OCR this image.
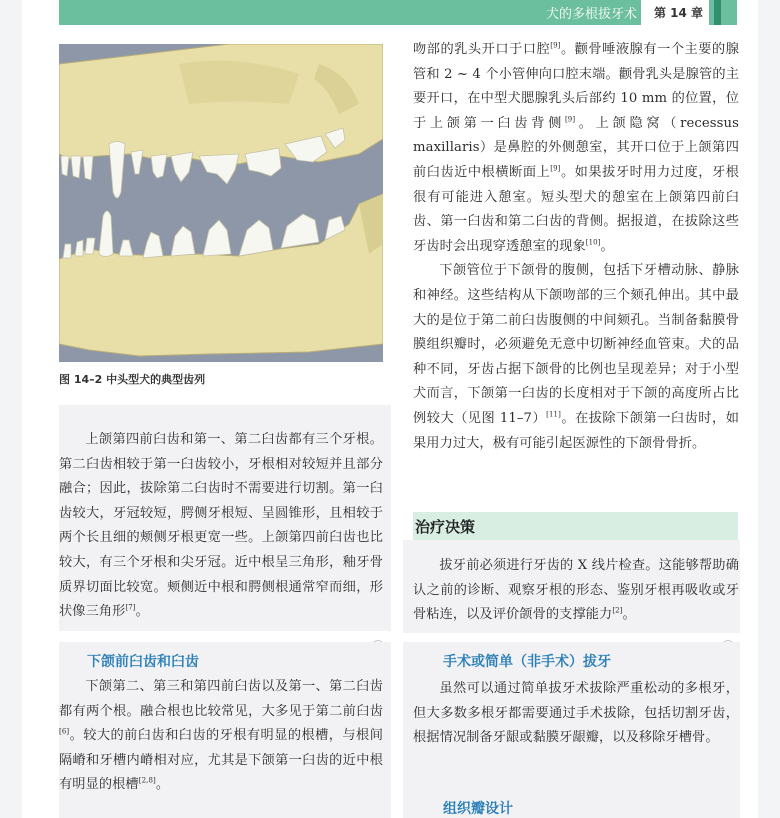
犬的多根拔牙术 第 14 章
图 14–2 中头型犬的典型齿列

上颌第四前臼齿和第一、第二臼齿都有三个牙根。第二臼齿相较于第一臼齿较小，牙根相对较短并且部分融合；因此，拔除第二臼齿时不需要进行切割。第一臼齿较大，牙冠较短，腭侧牙根短、呈圆锥形，且相较于两个长且细的颊侧牙根更宽一些。上颌第四前臼齿也比较大，有三个牙根和尖牙冠。近中根呈三角形，釉牙骨质界切面比较宽。颊侧近中根和腭侧根通常窄而细，形状像三角形[7]。

下颌前臼齿和臼齿

下颌第二、第三和第四前臼齿以及第一、第二臼齿都有两个根。融合根也比较常见，大多见于第二前臼齿[6]。较大的前臼齿和臼齿的牙根有明显的根槽，与根间隔嵴和牙槽内嵴相对应，尤其是下颌第一臼齿的近中根有明显的根槽[2,8]。

吻部的乳头开口于口腔[9]。颧骨唾液腺有一个主要的腺管和 2 ~ 4 个小管伸向口腔末端。颧骨乳头是腺管的主要开口，在中型犬腮腺乳头后部约 10 mm 的位置，位于上颌第一臼齿背侧[9]。上颌隐窝（recessus maxillaris）是鼻腔的外侧憩室，其开口位于上颌第四前臼齿近中根横断面上[9]。如果拔牙时用力过度，牙根很有可能进入憩室。短头型犬的憩室在上颌第四前臼齿、第一臼齿和第二臼齿的背侧。据报道，在拔除这些牙齿时会出现穿透憩室的现象[10]。

下颌管位于下颌骨的腹侧，包括下牙槽动脉、静脉和神经。这些结构从下颌吻部的三个颏孔伸出。其中最大的是位于第二前臼齿腹侧的中间颏孔。当制备黏膜骨膜组织瓣时，必须避免无意中切断神经血管束。犬的品种不同，牙齿占据下颌骨的比例也呈现差异；对于小型犬而言，下颌第一臼齿的长度相对于下颌的高度所占比例较大（见图 11–7）[11]。在拔除下颌第一臼齿时，如果用力过大，极有可能引起医源性的下颌骨骨折。

治疗决策

拔牙前必须进行牙齿的 X 线片检查。这能够帮助确认之前的诊断、观察牙根的形态、鉴别牙根再吸收或牙骨粘连，以及评价颌骨的支撑能力[2]。

手术或简单（非手术）拔牙

虽然可以通过简单拔牙术拔除严重松动的多根牙，但大多数多根牙都需要通过手术拔除，包括切割牙齿，根据情况制备牙龈或黏膜牙龈瓣，以及移除牙槽骨。

组织瓣设计
